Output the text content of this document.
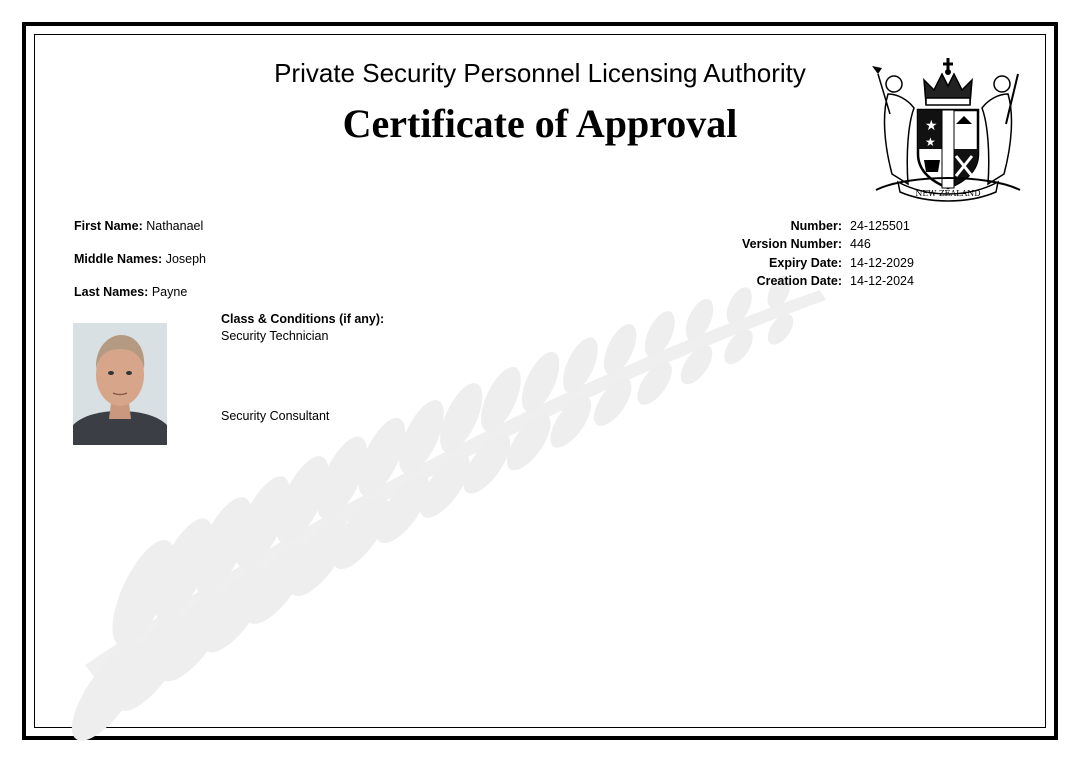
Private Security Personnel Licensing Authority
Certificate of Approval	★
★
NEW ZEALAND
First Name: Nathanael
Middle Names: Joseph
Last Names: Payne
Number: 24-125501
Version Number: 446
Expiry Date: 14-12-2029
Creation Date: 14-12-2024
Class & Conditions (if any):
Security Technician
Security Consultant
